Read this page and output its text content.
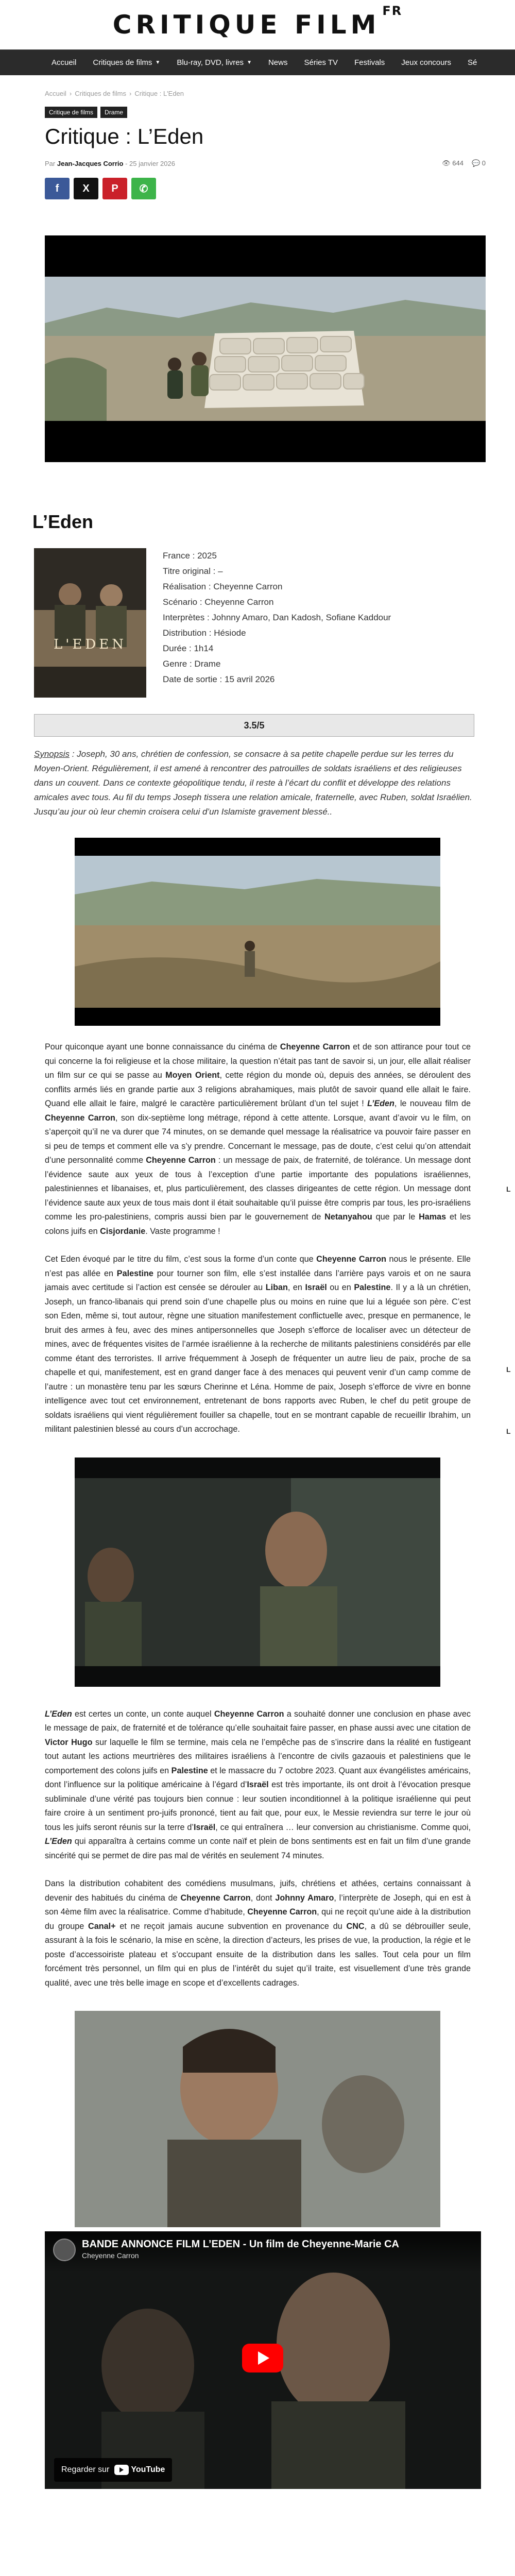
CRITIQUE FILM $^{FR}$
Accueil Critiques de films ▼ Blu-ray, DVD, livres ▼ News Séries TV Festivals Jeux concours Sé
Accueil › Critiques de films › Critique : L'Eden
Critique de films	Drame
Critique : L’Eden
Par Jean-Jacques Corrio - 25 janvier 2026	👁 644 💬 0
f X P ✆
L’Eden
L'EDEN
France : 2025
Titre original : –
Réalisation : Cheyenne Carron
Scénario : Cheyenne Carron
Interprètes : Johnny Amaro, Dan Kadosh, Sofiane Kaddour
Distribution : Hésiode
Durée : 1h14
Genre : Drame
Date de sortie : 15 avril 2026
3.5/5

Synopsis : Joseph, 30 ans, chrétien de confession, se consacre à sa petite chapelle perdue sur les terres du Moyen-Orient. Régulièrement, il est amené à rencontrer des patrouilles de soldats israéliens et des religieuses dans un couvent. Dans ce contexte géopolitique tendu, il reste à l’écart du conflit et développe des relations amicales avec tous. Au fil du temps Joseph tissera une relation amicale, fraternelle, avec Ruben, soldat Israélien. Jusqu’au jour où leur chemin croisera celui d’un Islamiste gravement blessé..

Pour quiconque ayant une bonne connaissance du cinéma de Cheyenne Carron et de son attirance pour tout ce qui concerne la foi religieuse et la chose militaire, la question n’était pas tant de savoir si, un jour, elle allait réaliser un film sur ce qui se passe au Moyen Orient, cette région du monde où, depuis des années, se déroulent des conflits armés liés en grande partie aux 3 religions abrahamiques, mais plutôt de savoir quand elle allait le faire. Quand elle allait le faire, malgré le caractère particulièrement brûlant d’un tel sujet ! L’Eden, le nouveau film de Cheyenne Carron, son dix-septième long métrage, répond à cette attente. Lorsque, avant d’avoir vu le film, on s’aperçoit qu’il ne va durer que 74 minutes, on se demande quel message la réalisatrice va pouvoir faire passer en si peu de temps et comment elle va s’y prendre. Concernant le message, pas de doute, c’est celui qu’on attendait d’une personnalité comme Cheyenne Carron : un message de paix, de fraternité, de tolérance. Un message dont l’évidence saute aux yeux de tous à l’exception d’une partie importante des populations israéliennes, palestiniennes et libanaises, et, plus particulièrement, des classes dirigeantes de cette région. Un message dont l’évidence saute aux yeux de tous mais dont il était souhaitable qu’il puisse être compris par tous, les pro-israéliens comme les pro-palestiniens, compris aussi bien par le gouvernement de Netanyahou que par le Hamas et les colons juifs en Cisjordanie. Vaste programme !

Cet Eden évoqué par le titre du film, c’est sous la forme d’un conte que Cheyenne Carron nous le présente. Elle n’est pas allée en Palestine pour tourner son film, elle s’est installée dans l’arrière pays varois et on ne saura jamais avec certitude si l’action est censée se dérouler au Liban, en Israël ou en Palestine. Il y a là un chrétien, Joseph, un franco-libanais qui prend soin d’une chapelle plus ou moins en ruine que lui a léguée son père. C’est son Eden, même si, tout autour, règne une situation manifestement conflictuelle avec, presque en permanence, le bruit des armes à feu, avec des mines antipersonnelles que Joseph s’efforce de localiser avec un détecteur de mines, avec de fréquentes visites de l’armée israélienne à la recherche de militants palestiniens considérés par elle comme étant des terroristes. Il arrive fréquemment à Joseph de fréquenter un autre lieu de paix, proche de sa chapelle et qui, manifestement, est en grand danger face à des menaces qui peuvent venir d’un camp comme de l’autre : un monastère tenu par les sœurs Cherinne et Léna. Homme de paix, Joseph s’efforce de vivre en bonne intelligence avec tout cet environnement, entretenant de bons rapports avec Ruben, le chef du petit groupe de soldats israéliens qui vient régulièrement fouiller sa chapelle, tout en se montrant capable de recueillir Ibrahim, un militant palestinien blessé au cours d’un accrochage.

L’Eden est certes un conte, un conte auquel Cheyenne Carron a souhaité donner une conclusion en phase avec le message de paix, de fraternité et de tolérance qu’elle souhaitait faire passer, en phase aussi avec une citation de Victor Hugo sur laquelle le film se termine, mais cela ne l’empêche pas de s’inscrire dans la réalité en fustigeant tout autant les actions meurtrières des militaires israéliens à l’encontre de civils gazaouis et palestiniens que le comportement des colons juifs en Palestine et le massacre du 7 octobre 2023. Quant aux évangélistes américains, dont l’influence sur la politique américaine à l’égard d’Israël est très importante, ils ont droit à l’évocation presque subliminale d’une vérité pas toujours bien connue : leur soutien inconditionnel à la politique israélienne qui peut faire croire à un sentiment pro-juifs prononcé, tient au fait que, pour eux, le Messie reviendra sur terre le jour où tous les juifs seront réunis sur la terre d’Israël, ce qui entraînera … leur conversion au christianisme. Comme quoi, L’Eden qui apparaîtra à certains comme un conte naïf et plein de bons sentiments est en fait un film d’une grande sincérité qui se permet de dire pas mal de vérités en seulement 74 minutes.

Dans la distribution cohabitent des comédiens musulmans, juifs, chrétiens et athées, certains connaissant à devenir des habitués du cinéma de Cheyenne Carron, dont Johnny Amaro, l’interprète de Joseph, qui en est à son 4ème film avec la réalisatrice. Comme d’habitude, Cheyenne Carron, qui ne reçoit qu’une aide à la distribution du groupe Canal+ et ne reçoit jamais aucune subvention en provenance du CNC, a dû se débrouiller seule, assurant à la fois le scénario, la mise en scène, la direction d’acteurs, les prises de vue, la production, la régie et le poste d’accessoiriste plateau et s’occupant ensuite de la distribution dans les salles. Tout cela pour un film forcément très personnel, un film qui en plus de l’intérêt du sujet qu’il traite, est visuellement d’une très grande qualité, avec une très belle image en scope et d’excellents cadrages.

BANDE ANNONCE FILM L’EDEN - Un film de Cheyenne-Marie CA
Cheyenne Carron
Regarder sur	YouTube
L
L
L
